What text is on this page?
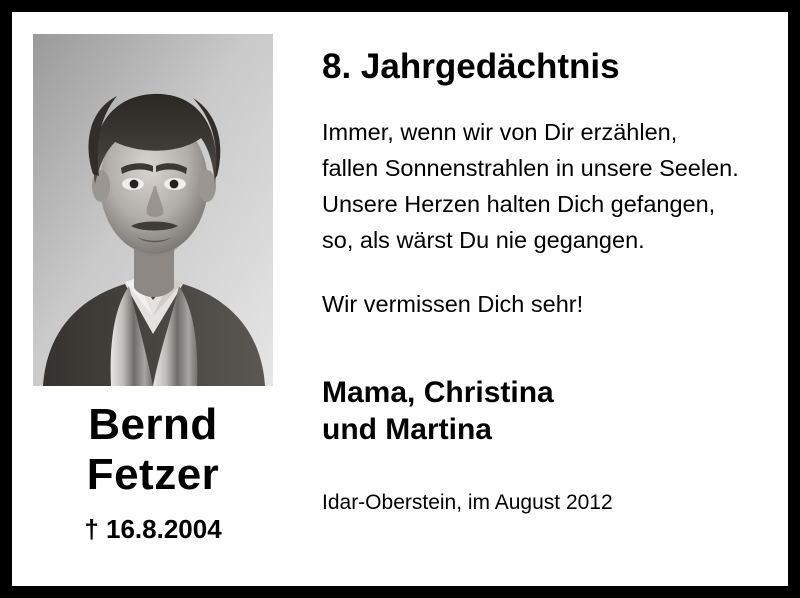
Bernd
Fetzer
† 16.8.2004
8. Jahrgedächtnis
Immer, wenn wir von Dir erzählen,
fallen Sonnenstrahlen in unsere Seelen.
Unsere Herzen halten Dich gefangen,
so, als wärst Du nie gegangen.
Wir vermissen Dich sehr!
Mama, Christina
und Martina
Idar-Oberstein, im August 2012
